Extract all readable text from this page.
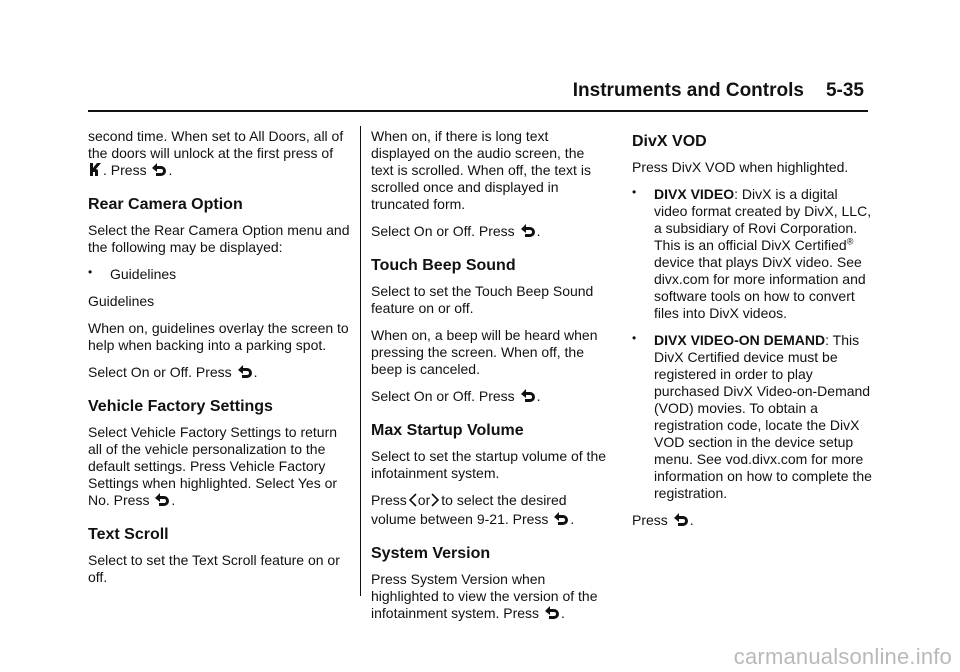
Instruments and Controls 5-35

second time. When set to All Doors, all of the doors will unlock at the first press of . Press .

Rear Camera Option

Select the Rear Camera Option menu and the following may be displayed:

• Guidelines

Guidelines

When on, guidelines overlay the screen to help when backing into a parking spot.

Select On or Off. Press .

Vehicle Factory Settings

Select Vehicle Factory Settings to return all of the vehicle personalization to the default settings. Press Vehicle Factory Settings when highlighted. Select Yes or No. Press .

Text Scroll

Select to set the Text Scroll feature on or off.

When on, if there is long text displayed on the audio screen, the text is scrolled. When off, the text is scrolled once and displayed in truncated form.

Select On or Off. Press .

Touch Beep Sound

Select to set the Touch Beep Sound feature on or off.

When on, a beep will be heard when pressing the screen. When off, the beep is canceled.

Select On or Off. Press .

Max Startup Volume

Select to set the startup volume of the infotainment system.

Press or to select the desired volume between 9-21. Press .

System Version

Press System Version when highlighted to view the version of the infotainment system. Press .

DivX VOD

Press DivX VOD when highlighted.

• DIVX VIDEO: DivX is a digital video format created by DivX, LLC, a subsidiary of Rovi Corporation. This is an official DivX Certified® device that plays DivX video. See divx.com for more information and software tools on how to convert files into DivX videos.
• DIVX VIDEO-ON DEMAND: This DivX Certified device must be registered in order to play purchased DivX Video-on-Demand (VOD) movies. To obtain a registration code, locate the DivX VOD section in the device setup menu. See vod.divx.com for more information on how to complete the registration.

Press .

carmanualsonline.info
